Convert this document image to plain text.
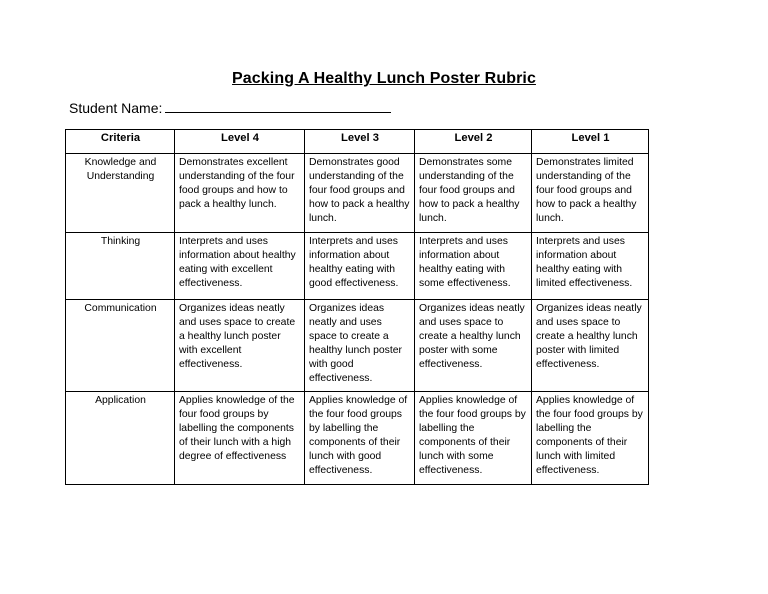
Packing A Healthy Lunch Poster Rubric
Student Name:
Criteria	Level 4	Level 3	Level 2	Level 1
Knowledge and Understanding	Demonstrates excellent understanding of the four food groups and how to pack a healthy lunch.	Demonstrates good understanding of the four food groups and how to pack a healthy lunch.	Demonstrates some understanding of the four food groups and how to pack a healthy lunch.	Demonstrates limited understanding of the four food groups and how to pack a healthy lunch.
Thinking	Interprets and uses information about healthy eating with excellent effectiveness.	Interprets and uses information about healthy eating with good effectiveness.	Interprets and uses information about healthy eating with some effectiveness.	Interprets and uses information about healthy eating with limited effectiveness.
Communication	Organizes ideas neatly and uses space to create a healthy lunch poster with excellent effectiveness.	Organizes ideas neatly and uses space to create a healthy lunch poster with good effectiveness.	Organizes ideas neatly and uses space to create a healthy lunch poster with some effectiveness.	Organizes ideas neatly and uses space to create a healthy lunch poster with limited effectiveness.
Application	Applies knowledge of the four food groups by labelling the components of their lunch with a high degree of effectiveness	Applies knowledge of the four food groups by labelling the components of their lunch with good effectiveness.	Applies knowledge of the four food groups by labelling the components of their lunch with some effectiveness.	Applies knowledge of the four food groups by labelling the components of their lunch with limited effectiveness.
